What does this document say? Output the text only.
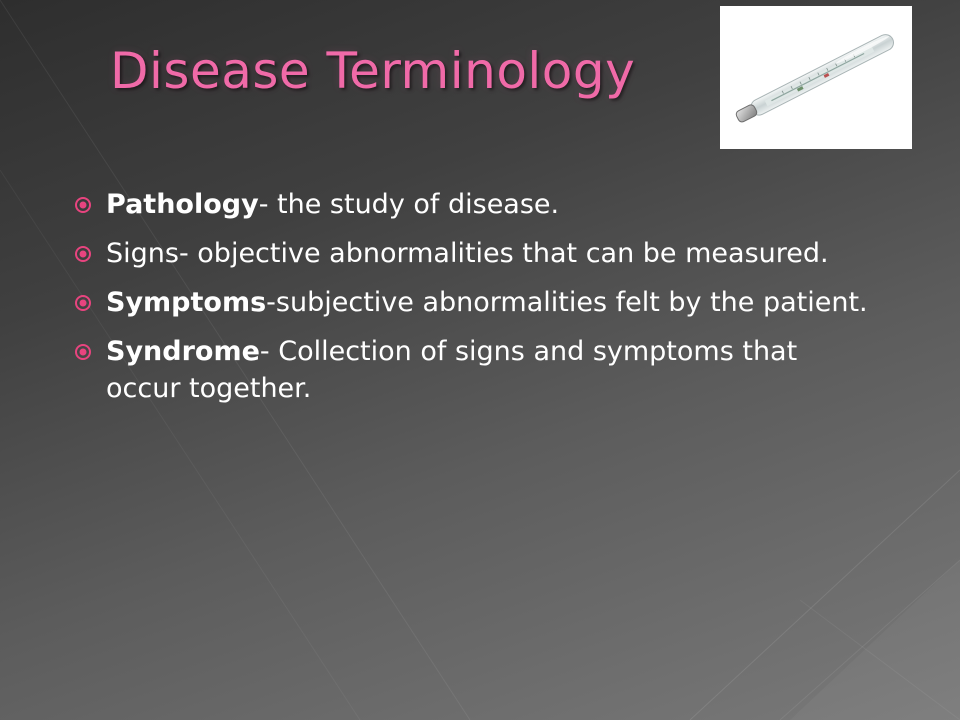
Disease Terminology
Pathology- the study of disease.
Signs- objective abnormalities that can be measured.
Symptoms-subjective abnormalities felt by the patient.
Syndrome- Collection of signs and symptoms that occur together.
